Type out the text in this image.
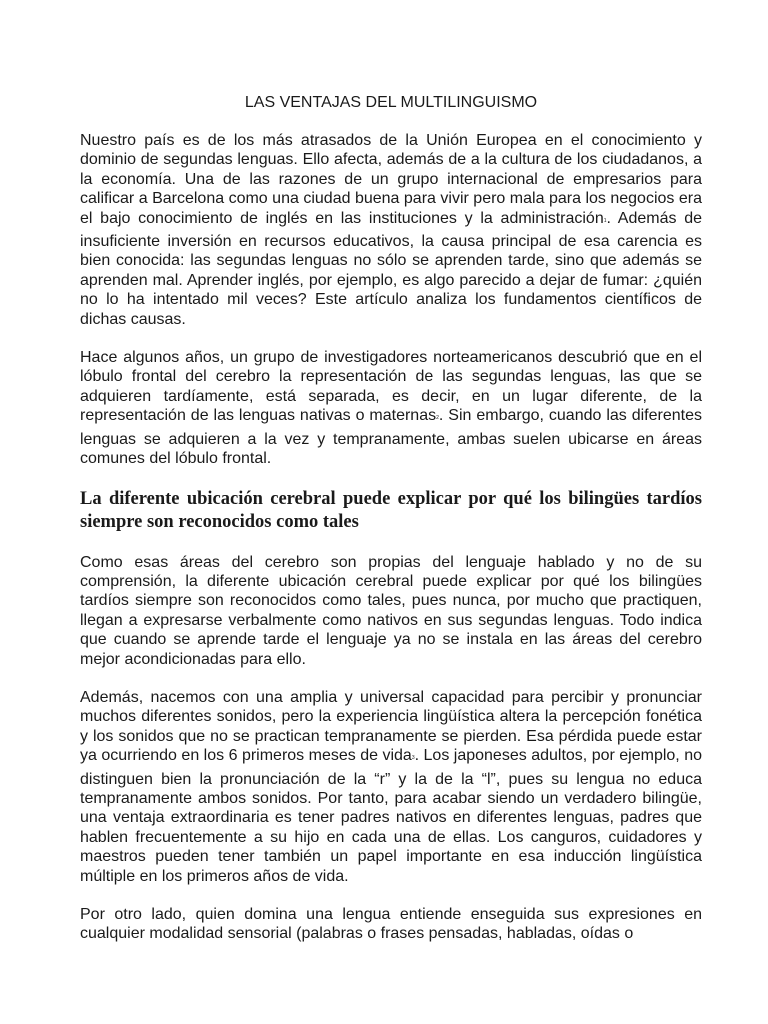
LAS VENTAJAS DEL MULTILINGUISMO

Nuestro país es de los más atrasados de la Unión Europea en el conocimiento y dominio de segundas lenguas. Ello afecta, además de a la cultura de los ciudadanos, a la economía. Una de las razones de un grupo internacional de empresarios para calificar a Barcelona como una ciudad buena para vivir pero mala para los negocios era el bajo conocimiento de inglés en las instituciones y la administración$^1$. Además de insuficiente inversión en recursos educativos, la causa principal de esa carencia es bien conocida: las segundas lenguas no sólo se aprenden tarde, sino que además se aprenden mal. Aprender inglés, por ejemplo, es algo parecido a dejar de fumar: ¿quién no lo ha intentado mil veces? Este artículo analiza los fundamentos científicos de dichas causas.

Hace algunos años, un grupo de investigadores norteamericanos descubrió que en el lóbulo frontal del cerebro la representación de las segundas lenguas, las que se adquieren tardíamente, está separada, es decir, en un lugar diferente, de la representación de las lenguas nativas o maternas$^2$. Sin embargo, cuando las diferentes lenguas se adquieren a la vez y tempranamente, ambas suelen ubicarse en áreas comunes del lóbulo frontal.

La diferente ubicación cerebral puede explicar por qué los bilingües tardíos siempre son reconocidos como tales

Como esas áreas del cerebro son propias del lenguaje hablado y no de su comprensión, la diferente ubicación cerebral puede explicar por qué los bilingües tardíos siempre son reconocidos como tales, pues nunca, por mucho que practiquen, llegan a expresarse verbalmente como nativos en sus segundas lenguas. Todo indica que cuando se aprende tarde el lenguaje ya no se instala en las áreas del cerebro mejor acondicionadas para ello.

Además, nacemos con una amplia y universal capacidad para percibir y pronunciar muchos diferentes sonidos, pero la experiencia lingüística altera la percepción fonética y los sonidos que no se practican tempranamente se pierden. Esa pérdida puede estar ya ocurriendo en los 6 primeros meses de vida$^3$. Los japoneses adultos, por ejemplo, no distinguen bien la pronunciación de la “r” y la de la “l”, pues su lengua no educa tempranamente ambos sonidos. Por tanto, para acabar siendo un verdadero bilingüe, una ventaja extraordinaria es tener padres nativos en diferentes lenguas, padres que hablen frecuentemente a su hijo en cada una de ellas. Los canguros, cuidadores y maestros pueden tener también un papel importante en esa inducción lingüística múltiple en los primeros años de vida.

Por otro lado, quien domina una lengua entiende enseguida sus expresiones en cualquier modalidad sensorial (palabras o frases pensadas, habladas, oídas o
